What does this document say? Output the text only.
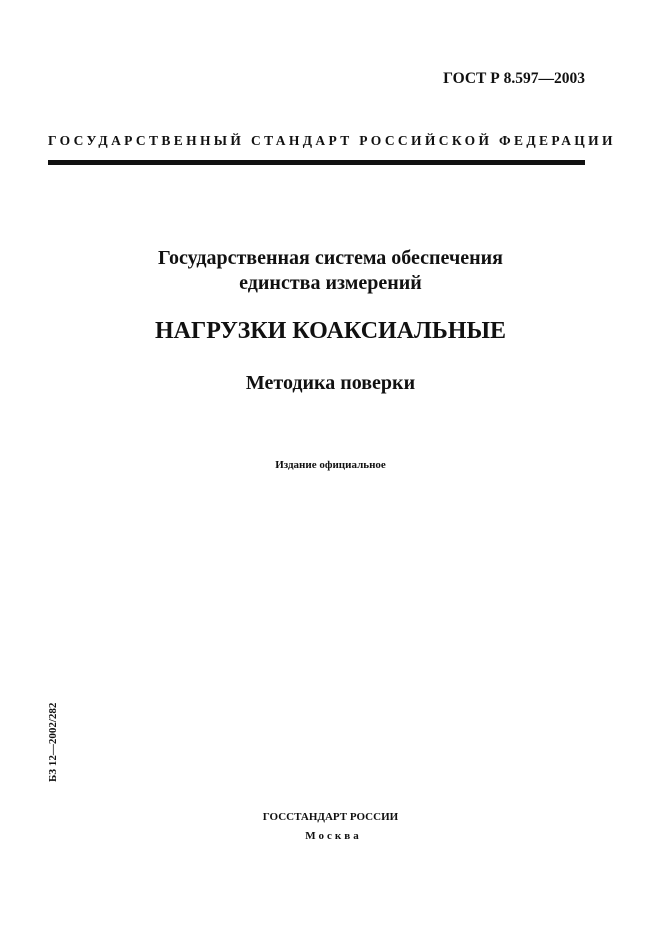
ГОСТ Р 8.597—2003
ГОСУДАРСТВЕННЫЙ СТАНДАРТ РОССИЙСКОЙ ФЕДЕРАЦИИ
Государственная система обеспечения
единства измерений
НАГРУЗКИ КОАКСИАЛЬНЫЕ
Методика поверки
Издание официальное
БЗ 12—2002/282
ГОССТАНДАРТ РОССИИ
Москва
